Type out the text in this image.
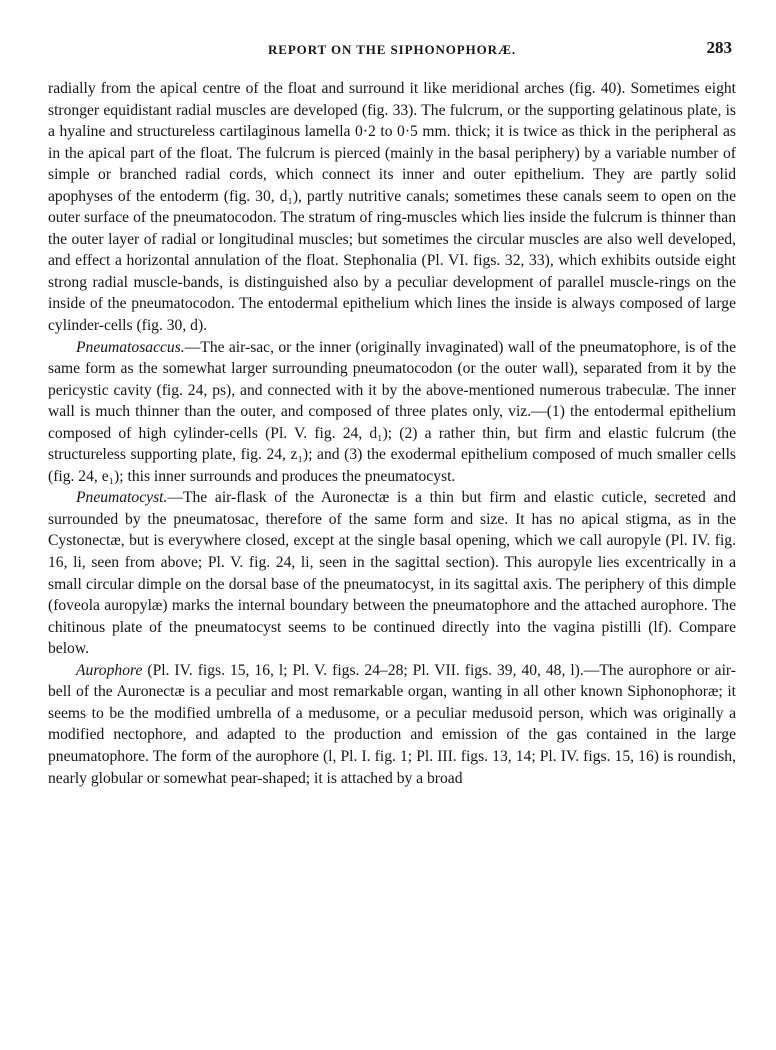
REPORT ON THE SIPHONOPHORÆ.	283

radially from the apical centre of the float and surround it like meridional arches (fig. 40). Sometimes eight stronger equidistant radial muscles are developed (fig. 33). The fulcrum, or the supporting gelatinous plate, is a hyaline and structureless cartilaginous lamella 0·2 to 0·5 mm. thick; it is twice as thick in the peripheral as in the apical part of the float. The fulcrum is pierced (mainly in the basal periphery) by a variable number of simple or branched radial cords, which connect its inner and outer epithelium. They are partly solid apophyses of the entoderm (fig. 30, d₁), partly nutritive canals; sometimes these canals seem to open on the outer surface of the pneumatocodon. The stratum of ring-muscles which lies inside the fulcrum is thinner than the outer layer of radial or longitudinal muscles; but sometimes the circular muscles are also well developed, and effect a horizontal annulation of the float. Stephonalia (Pl. VI. figs. 32, 33), which exhibits outside eight strong radial muscle-bands, is distinguished also by a peculiar development of parallel muscle-rings on the inside of the pneumatocodon. The entodermal epithelium which lines the inside is always composed of large cylinder-cells (fig. 30, d).

Pneumatosaccus.—The air-sac, or the inner (originally invaginated) wall of the pneumatophore, is of the same form as the somewhat larger surrounding pneumatocodon (or the outer wall), separated from it by the pericystic cavity (fig. 24, ps), and connected with it by the above-mentioned numerous trabeculæ. The inner wall is much thinner than the outer, and composed of three plates only, viz.—(1) the entodermal epithelium composed of high cylinder-cells (Pl. V. fig. 24, d₁); (2) a rather thin, but firm and elastic fulcrum (the structureless supporting plate, fig. 24, z₁); and (3) the exodermal epithelium composed of much smaller cells (fig. 24, e₁); this inner surrounds and produces the pneumatocyst.

Pneumatocyst.—The air-flask of the Auronectæ is a thin but firm and elastic cuticle, secreted and surrounded by the pneumatosac, therefore of the same form and size. It has no apical stigma, as in the Cystonectæ, but is everywhere closed, except at the single basal opening, which we call auropyle (Pl. IV. fig. 16, li, seen from above; Pl. V. fig. 24, li, seen in the sagittal section). This auropyle lies excentrically in a small circular dimple on the dorsal base of the pneumatocyst, in its sagittal axis. The periphery of this dimple (foveola auropylæ) marks the internal boundary between the pneumatophore and the attached aurophore. The chitinous plate of the pneumatocyst seems to be continued directly into the vagina pistilli (lf). Compare below.

Aurophore (Pl. IV. figs. 15, 16, l; Pl. V. figs. 24–28; Pl. VII. figs. 39, 40, 48, l).—The aurophore or air-bell of the Auronectæ is a peculiar and most remarkable organ, wanting in all other known Siphonophoræ; it seems to be the modified umbrella of a medusome, or a peculiar medusoid person, which was originally a modified nectophore, and adapted to the production and emission of the gas contained in the large pneumatophore. The form of the aurophore (l, Pl. I. fig. 1; Pl. III. figs. 13, 14; Pl. IV. figs. 15, 16) is roundish, nearly globular or somewhat pear-shaped; it is attached by a broad
